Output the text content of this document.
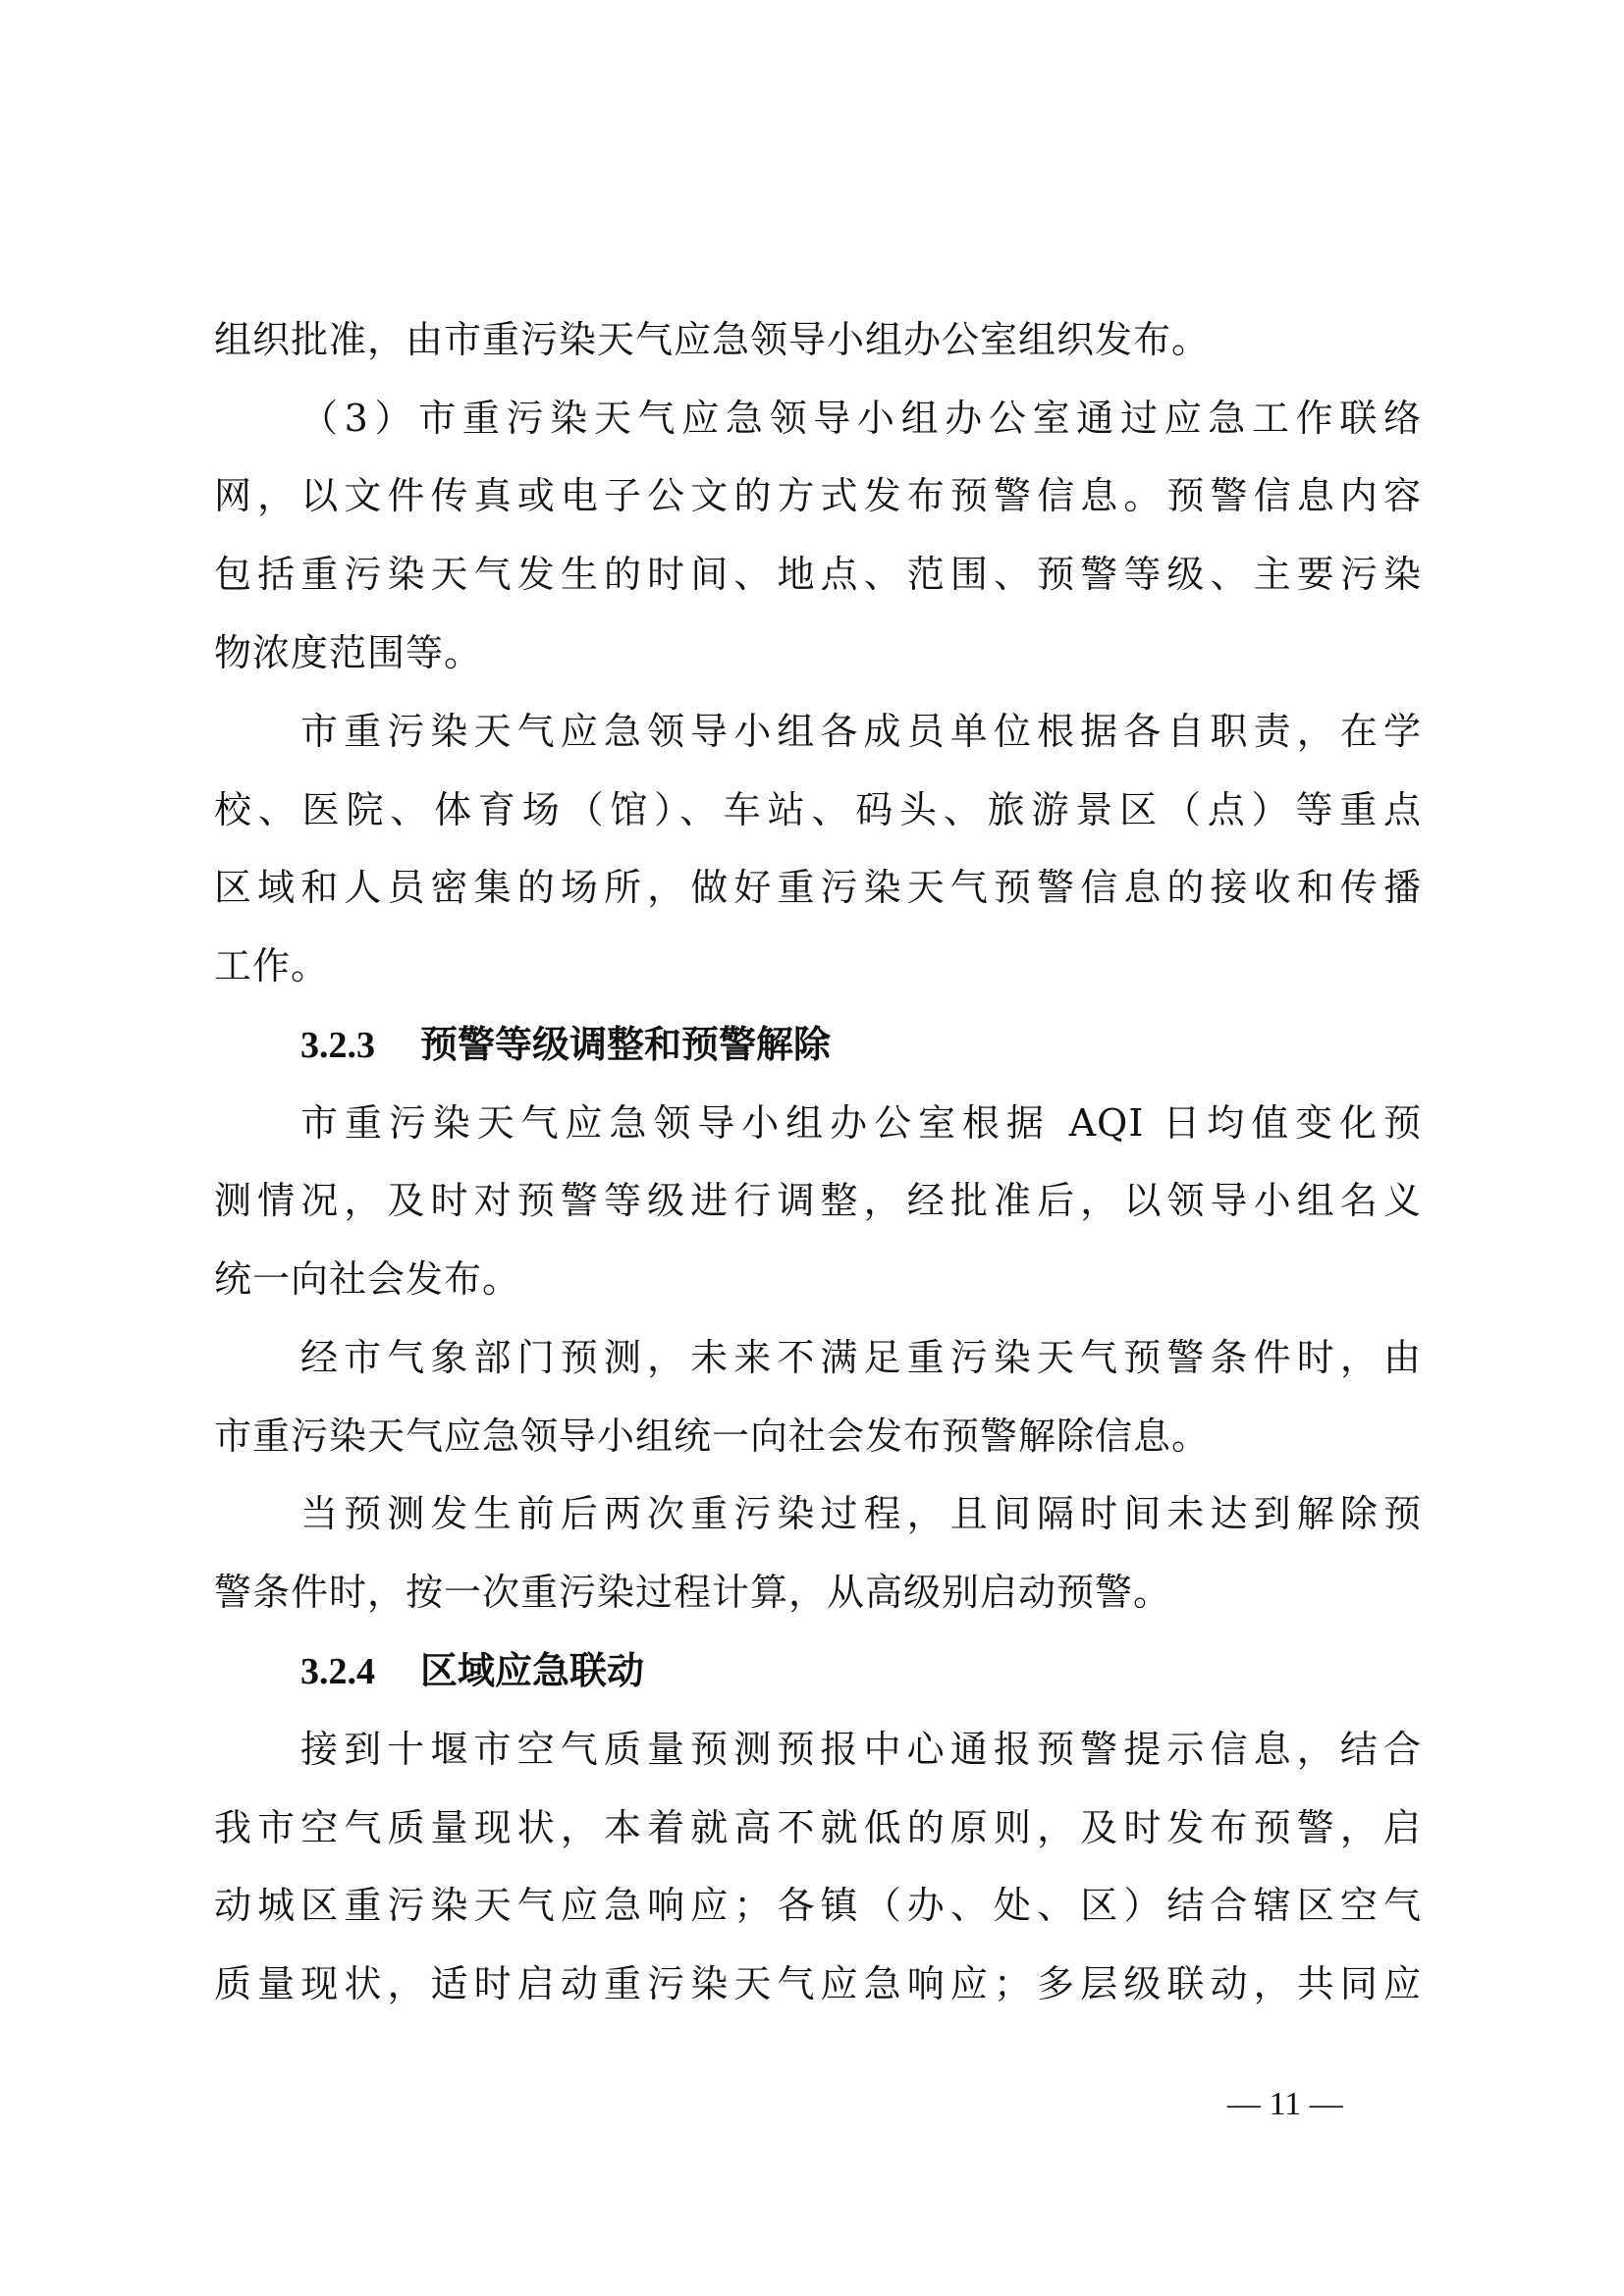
组织批准，由市重污染天气应急领导小组办公室组织发布。
（3）市重污染天气应急领导小组办公室通过应急工作联络
网，以文件传真或电子公文的方式发布预警信息。预警信息内容
包括重污染天气发生的时间、地点、范围、预警等级、主要污染
物浓度范围等。
市重污染天气应急领导小组各成员单位根据各自职责，在学
校、医院、体育场（馆）、车站、码头、旅游景区（点）等重点
区域和人员密集的场所，做好重污染天气预警信息的接收和传播
工作。
3.2.3 预警等级调整和预警解除
市重污染天气应急领导小组办公室根据 AQI 日均值变化预
测情况，及时对预警等级进行调整，经批准后，以领导小组名义
统一向社会发布。
经市气象部门预测，未来不满足重污染天气预警条件时，由
市重污染天气应急领导小组统一向社会发布预警解除信息。
当预测发生前后两次重污染过程，且间隔时间未达到解除预
警条件时，按一次重污染过程计算，从高级别启动预警。
3.2.4 区域应急联动
接到十堰市空气质量预测预报中心通报预警提示信息，结合
我市空气质量现状，本着就高不就低的原则，及时发布预警，启
动城区重污染天气应急响应；各镇（办、处、区）结合辖区空气
质量现状，适时启动重污染天气应急响应；多层级联动，共同应
— 11 —
